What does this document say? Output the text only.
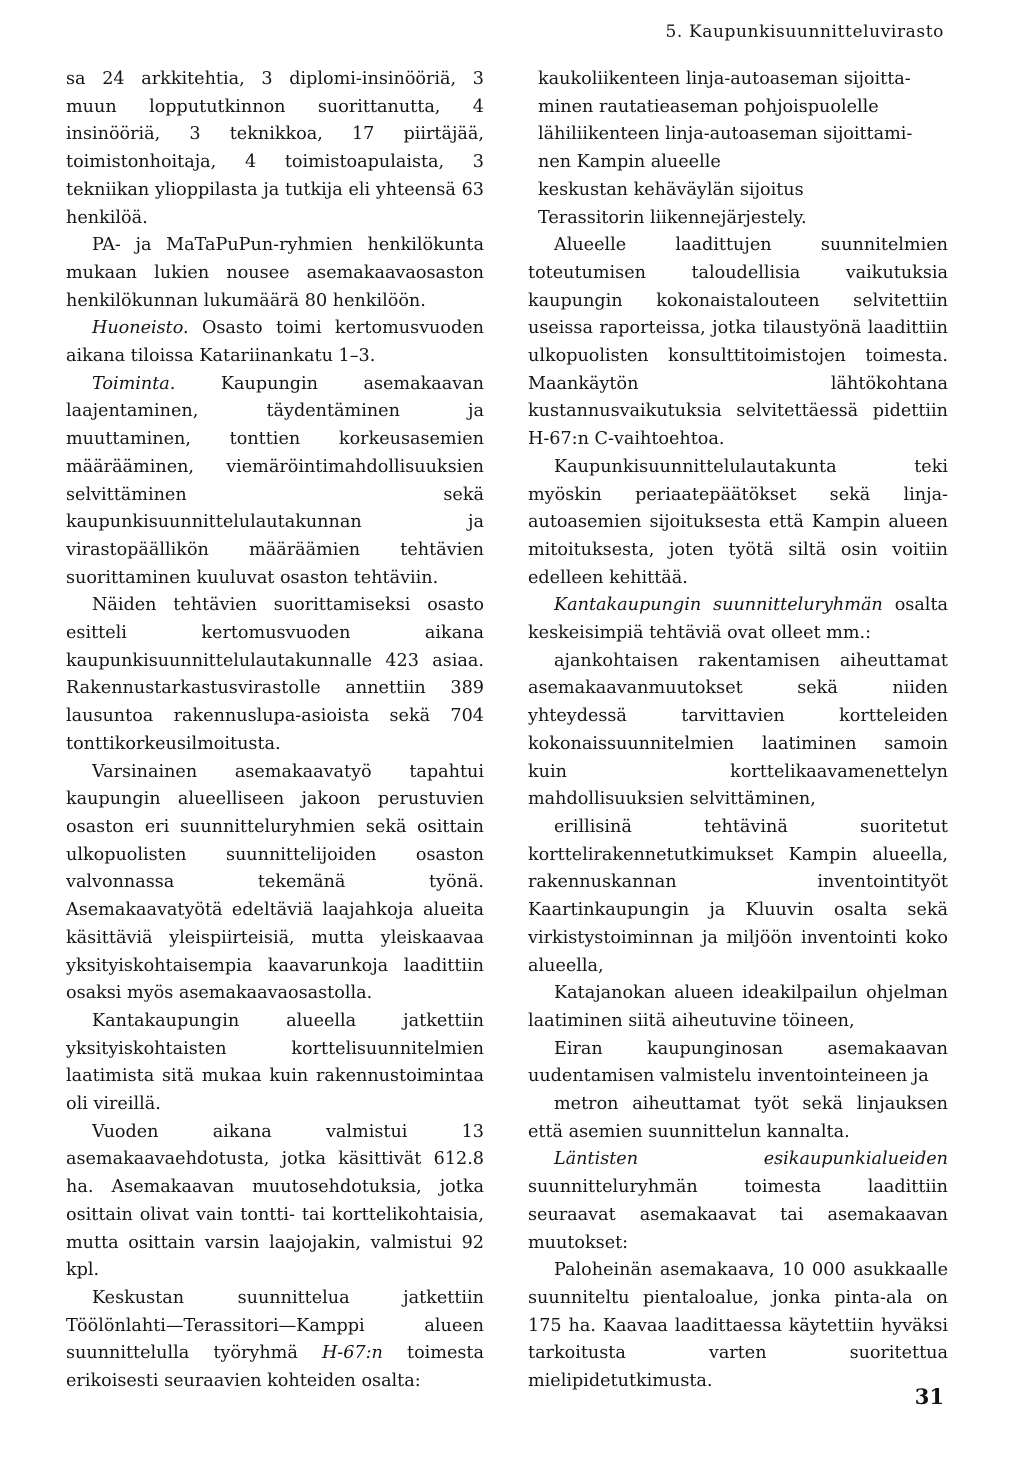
5. Kaupunkisuunnitteluvirasto

sa 24 arkkitehtia, 3 diplomi-insinööriä, 3 muun loppututkinnon suorittanutta, 4 insinööriä, 3 teknikkoa, 17 piirtäjää, toimistonhoitaja, 4 toimistoapulaista, 3 tekniikan ylioppilasta ja tutkija eli yhteensä 63 henkilöä.

PA- ja MaTaPuPun-ryhmien henkilökunta mukaan lukien nousee asemakaavaosaston henkilökunnan lukumäärä 80 henkilöön.

Huoneisto. Osasto toimi kertomusvuoden aikana tiloissa Katariinankatu 1–3.

Toiminta. Kaupungin asemakaavan laajentaminen, täydentäminen ja muuttaminen, tonttien korkeusasemien määrääminen, viemäröintimahdollisuuksien selvittäminen sekä kaupunkisuunnittelulautakunnan ja virastopäällikön määräämien tehtävien suorittaminen kuuluvat osaston tehtäviin.

Näiden tehtävien suorittamiseksi osasto esitteli kertomusvuoden aikana kaupunkisuunnittelulautakunnalle 423 asiaa. Rakennustarkastusvirastolle annettiin 389 lausuntoa rakennuslupa-asioista sekä 704 tonttikorkeusilmoitusta.

Varsinainen asemakaavatyö tapahtui kaupungin alueelliseen jakoon perustuvien osaston eri suunnitteluryhmien sekä osittain ulkopuolisten suunnittelijoiden osaston valvonnassa tekemänä työnä. Asemakaavatyötä edeltäviä laajahkoja alueita käsittäviä yleispiirteisiä, mutta yleiskaavaa yksityiskohtaisempia kaavarunkoja laadittiin osaksi myös asemakaavaosastolla.

Kantakaupungin alueella jatkettiin yksityiskohtaisten korttelisuunnitelmien laatimista sitä mukaa kuin rakennustoimintaa oli vireillä.

Vuoden aikana valmistui 13 asemakaavaehdotusta, jotka käsittivät 612.8 ha. Asemakaavan muutosehdotuksia, jotka osittain olivat vain tontti- tai korttelikohtaisia, mutta osittain varsin laajojakin, valmistui 92 kpl.

Keskustan suunnittelua jatkettiin Töölönlahti—Terassitori—Kamppi alueen suunnittelulla työryhmä H-67:n toimesta erikoisesti seuraavien kohteiden osalta:

kaukoliikenteen linja-autoaseman sijoitta-
minen rautatieaseman pohjoispuolelle

lähiliikenteen linja-autoaseman sijoittami-
nen Kampin alueelle

keskustan kehäväylän sijoitus

Terassitorin liikennejärjestely.

Alueelle laadittujen suunnitelmien toteutumisen taloudellisia vaikutuksia kaupungin kokonaistalouteen selvitettiin useissa raporteissa, jotka tilaustyönä laadittiin ulkopuolisten konsulttitoimistojen toimesta. Maankäytön lähtökohtana kustannusvaikutuksia selvitettäessä pidettiin H-67:n C-vaihtoehtoa.

Kaupunkisuunnittelulautakunta teki myöskin periaatepäätökset sekä linja-autoasemien sijoituksesta että Kampin alueen mitoituksesta, joten työtä siltä osin voitiin edelleen kehittää.

Kantakaupungin suunnitteluryhmän osalta keskeisimpiä tehtäviä ovat olleet mm.:

ajankohtaisen rakentamisen aiheuttamat asemakaavanmuutokset sekä niiden yhteydessä tarvittavien kortteleiden kokonaissuunnitelmien laatiminen samoin kuin korttelikaavamenettelyn mahdollisuuksien selvittäminen,

erillisinä tehtävinä suoritetut korttelirakennetutkimukset Kampin alueella, rakennuskannan inventointityöt Kaartinkaupungin ja Kluuvin osalta sekä virkistystoiminnan ja miljöön inventointi koko alueella,

Katajanokan alueen ideakilpailun ohjelman laatiminen siitä aiheutuvine töineen,

Eiran kaupunginosan asemakaavan uudentamisen valmistelu inventointeineen ja

metron aiheuttamat työt sekä linjauksen että asemien suunnittelun kannalta.

Läntisten esikaupunkialueiden suunnitteluryhmän toimesta laadittiin seuraavat asemakaavat tai asemakaavan muutokset:

Paloheinän asemakaava, 10 000 asukkaalle suunniteltu pientaloalue, jonka pinta-ala on 175 ha. Kaavaa laadittaessa käytettiin hyväksi tarkoitusta varten suoritettua mielipidetutkimusta.

31
